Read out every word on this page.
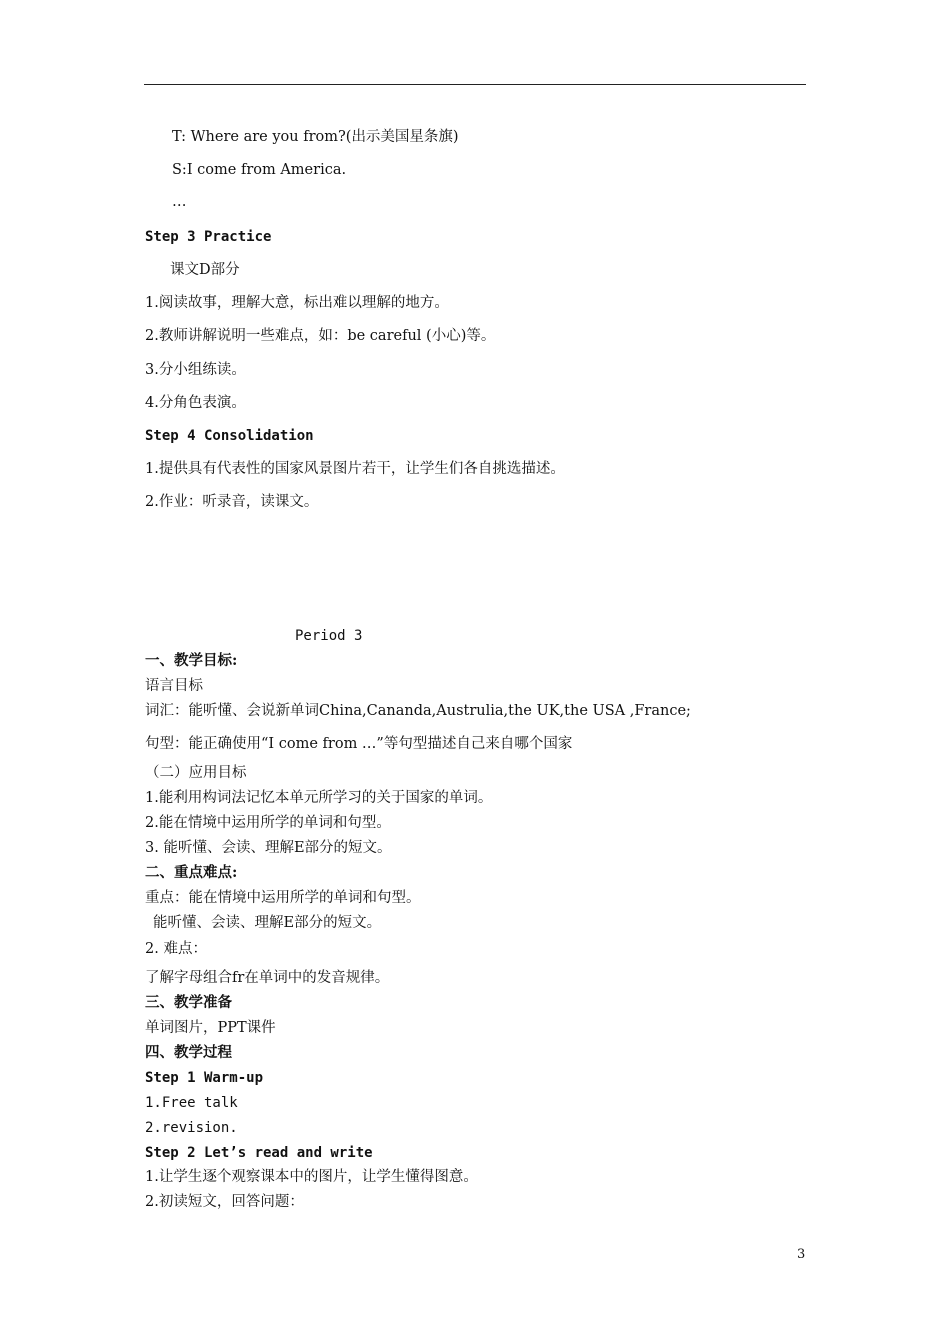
T: Where are you from?(出示美国星条旗)
S:I come from America.
…
Step 3 Practice
课文D部分
1.阅读故事，理解大意，标出难以理解的地方。
2.教师讲解说明一些难点，如：be careful (小心)等。
3.分小组练读。
4.分角色表演。
Step 4 Consolidation
1.提供具有代表性的国家风景图片若干，让学生们各自挑选描述。
2.作业：听录音，读课文。
Period 3
一、教学目标:
语言目标
词汇：能听懂、会说新单词China,Cananda,Austrulia,the UK,the USA ,France;
句型：能正确使用“I come from …”等句型描述自己来自哪个国家
（二）应用目标
1.能利用构词法记忆本单元所学习的关于国家的单词。
2.能在情境中运用所学的单词和句型。
3. 能听懂、会读、理解E部分的短文。
二、重点难点:
重点：能在情境中运用所学的单词和句型。
能听懂、会读、理解E部分的短文。
2. 难点：
了解字母组合fr在单词中的发音规律。
三、教学准备
单词图片，PPT课件
四、教学过程
Step 1 Warm-up
1.Free talk
2.revision.
Step 2 Let’s read and write
1.让学生逐个观察课本中的图片，让学生懂得图意。
2.初读短文，回答问题：
3
